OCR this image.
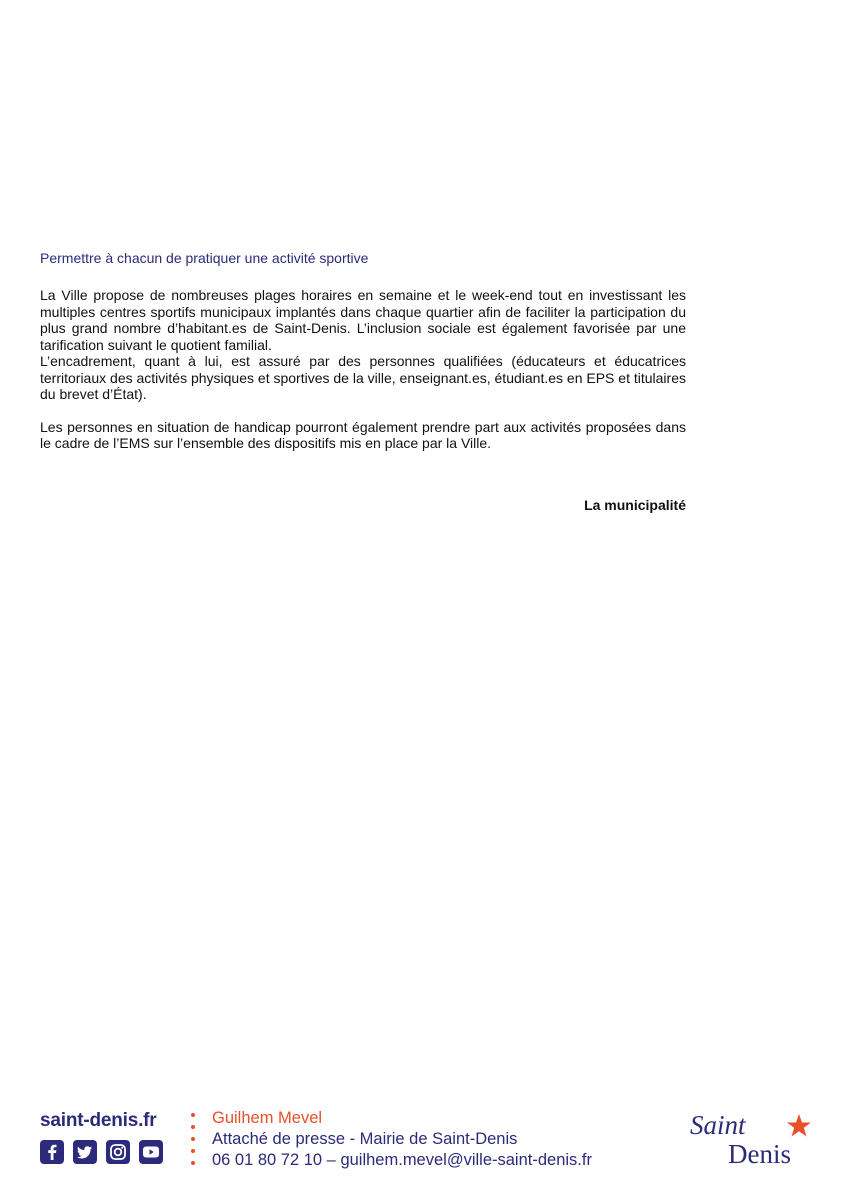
Permettre à chacun de pratiquer une activité sportive

La Ville propose de nombreuses plages horaires en semaine et le week-end tout en investissant les multiples centres sportifs municipaux implantés dans chaque quartier afin de faciliter la participation du plus grand nombre d’habitant.es de Saint-Denis. L’inclusion sociale est également favorisée par une tarification suivant le quotient familial.

L’encadrement, quant à lui, est assuré par des personnes qualifiées (éducateurs et éducatrices territoriaux des activités physiques et sportives de la ville, enseignant.es, étudiant.es en EPS et titulaires du brevet d’État).

Les personnes en situation de handicap pourront également prendre part aux activités proposées dans le cadre de l’EMS sur l’ensemble des dispositifs mis en place par la Ville.

La municipalité
saint-denis.fr	Guilhem Mevel
Attaché de presse - Mairie de Saint-Denis
06 01 80 72 10 – guilhem.mevel@ville-saint-denis.fr
Saint
Denis
